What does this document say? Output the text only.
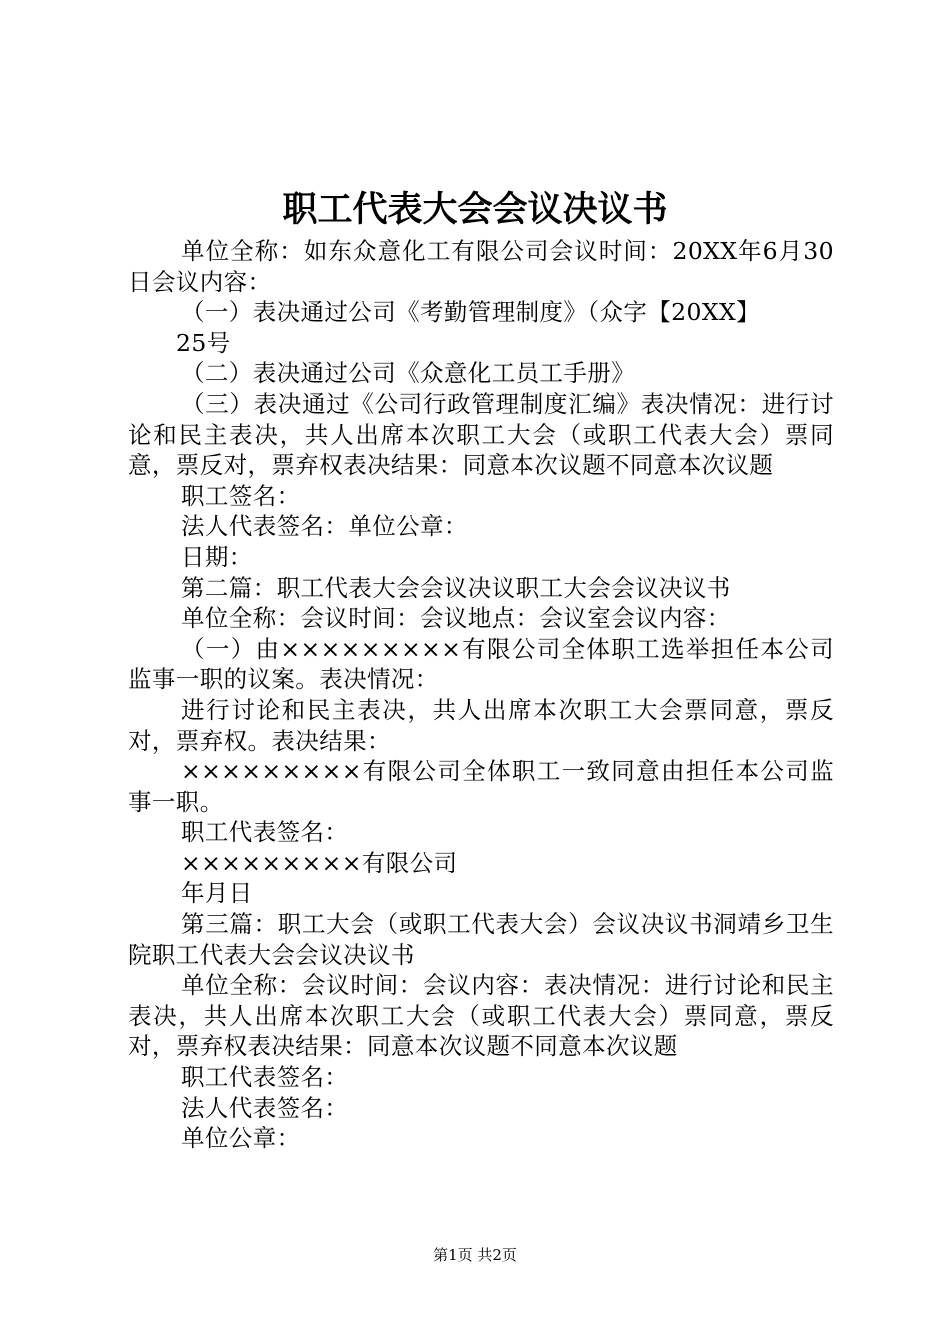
职工代表大会会议决议书

单位全称：如东众意化工有限公司会议时间：20XX年6月30日会议内容：

（一）表决通过公司《考勤管理制度》（众字【20XX】

25号

（二）表决通过公司《众意化工员工手册》

（三）表决通过《公司行政管理制度汇编》表决情况：进行讨论和民主表决，共人出席本次职工大会（或职工代表大会）票同意，票反对，票弃权表决结果：同意本次议题不同意本次议题

职工签名：

法人代表签名：单位公章：

日期：

第二篇：职工代表大会会议决议职工大会会议决议书

单位全称：会议时间：会议地点：会议室会议内容：

（一）由×××××××××有限公司全体职工选举担任本公司监事一职的议案。表决情况：

进行讨论和民主表决，共人出席本次职工大会票同意，票反对，票弃权。表决结果：

×××××××××有限公司全体职工一致同意由担任本公司监事一职。

职工代表签名：

×××××××××有限公司

年月日

第三篇：职工大会（或职工代表大会）会议决议书洞靖乡卫生院职工代表大会会议决议书

单位全称：会议时间：会议内容：表决情况：进行讨论和民主表决，共人出席本次职工大会（或职工代表大会）票同意，票反对，票弃权表决结果：同意本次议题不同意本次议题

职工代表签名：

法人代表签名：

单位公章：

第1页 共2页
